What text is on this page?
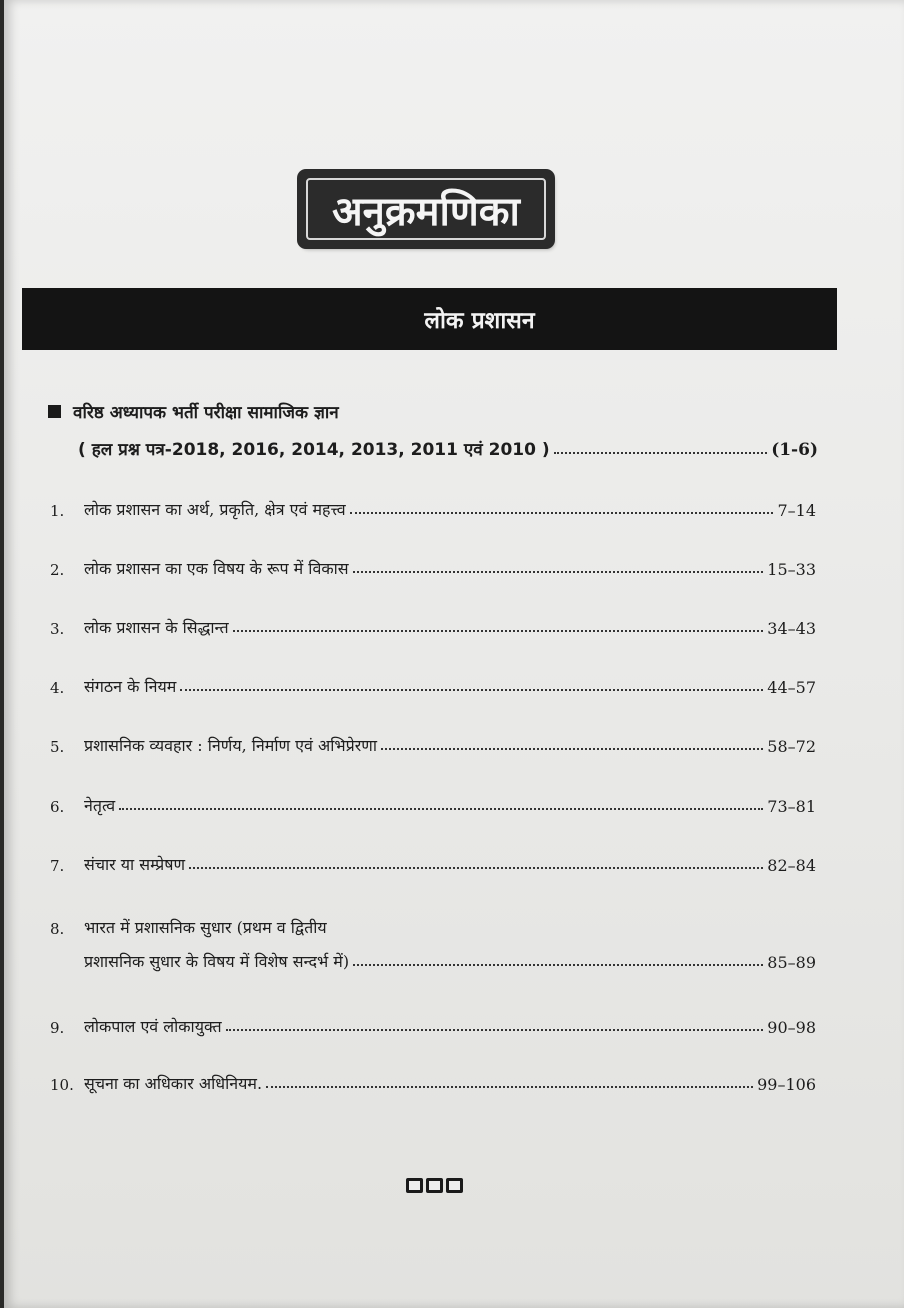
अनुक्रमणिका
लोक प्रशासन
वरिष्ठ अध्यापक भर्ती परीक्षा सामाजिक ज्ञान
( हल प्रश्न पत्र-2018, 2016, 2014, 2013, 2011 एवं 2010 )	(1-6)
1.	लोक प्रशासन का अर्थ, प्रकृति, क्षेत्र एवं महत्त्व	7–14
2.	लोक प्रशासन का एक विषय के रूप में विकास	15–33
3.	लोक प्रशासन के सिद्धान्त	34–43
4.	संगठन के नियम	44–57
5.	प्रशासनिक व्यवहार : निर्णय, निर्माण एवं अभिप्रेरणा	58–72
6.	नेतृत्व	73–81
7.	संचार या सम्प्रेषण	82–84
8.	भारत में प्रशासनिक सुधार (प्रथम व द्वितीय
प्रशासनिक सुधार के विषय में विशेष सन्दर्भ में)	85–89
9.	लोकपाल एवं लोकायुक्त	90–98
10. सूचना का अधिकार अधिनियम.	99–106
